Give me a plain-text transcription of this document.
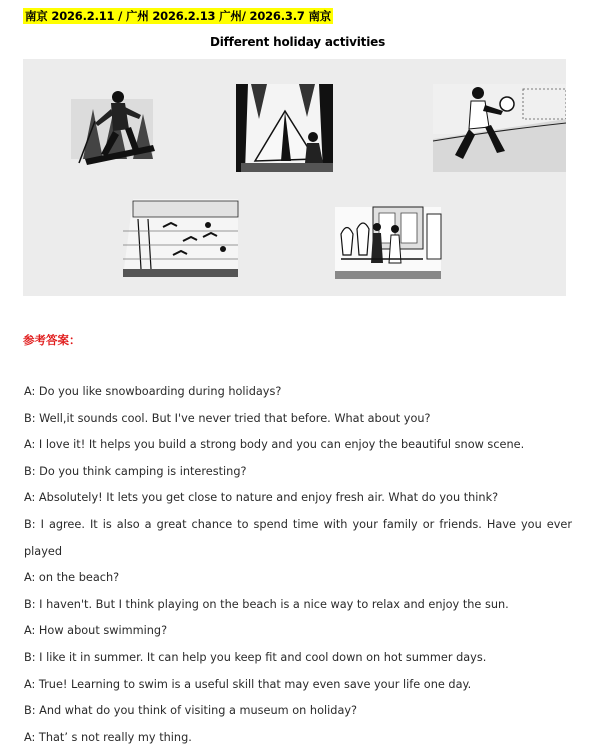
南京 2026.2.11 / 广州 2026.2.13 广州/ 2026.3.7 南京
Different holiday activities
参考答案：
A: Do you like snowboarding during holidays?
B: Well,it sounds cool. But I've never tried that before. What about you?
A: I love it! It helps you build a strong body and you can enjoy the beautiful snow scene.
B: Do you think camping is interesting?
A: Absolutely! It lets you get close to nature and enjoy fresh air. What do you think?
B: I agree. It is also a great chance to spend time with your family or friends. Have you ever played
A: on the beach?
B: I haven't. But I think playing on the beach is a nice way to relax and enjoy the sun.
A: How about swimming?
B: I like it in summer. It can help you keep fit and cool down on hot summer days.
A: True! Learning to swim is a useful skill that may even save your life one day.
B: And what do you think of visiting a museum on holiday?
A: That’ s not really my thing.
